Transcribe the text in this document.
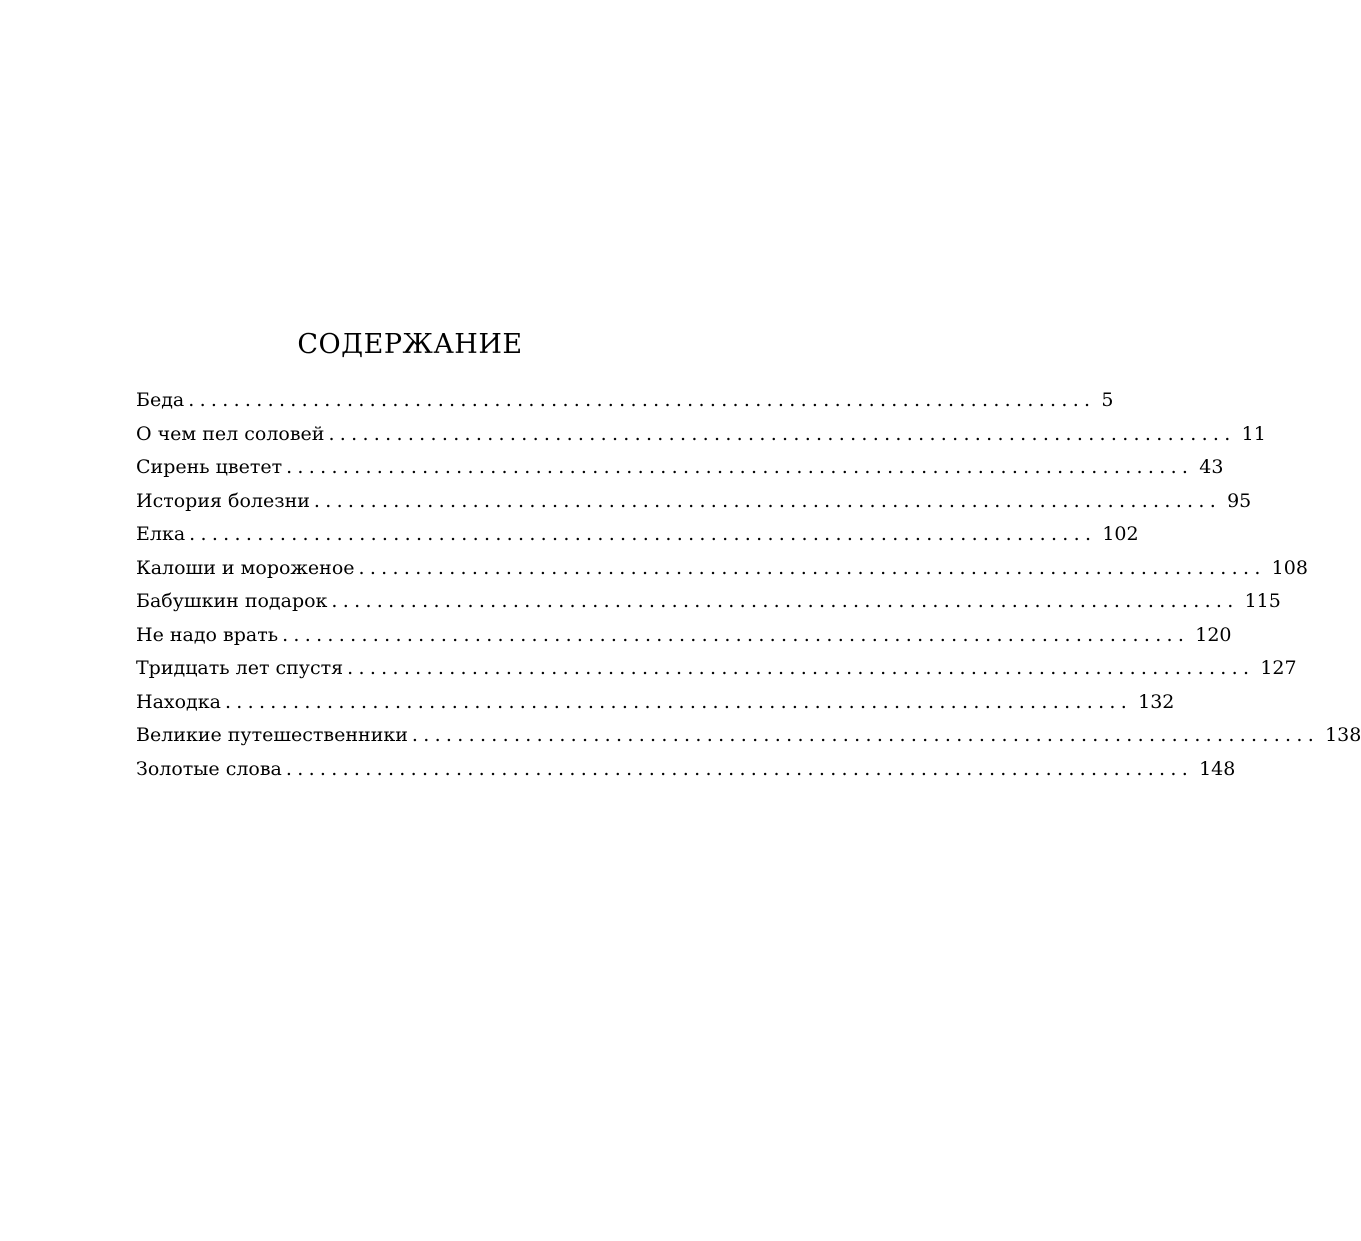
СОДЕРЖАНИЕ
Беда ................................................................................ 5
О чем пел соловей ................................................................................ 11
Сирень цветет ................................................................................ 43
История болезни ................................................................................ 95
Елка ................................................................................ 102
Калоши и мороженое ................................................................................ 108
Бабушкин подарок ................................................................................ 115
Не надо врать ................................................................................ 120
Тридцать лет спустя ................................................................................ 127
Находка ................................................................................ 132
Великие путешественники ................................................................................ 138
Золотые слова ................................................................................ 148
